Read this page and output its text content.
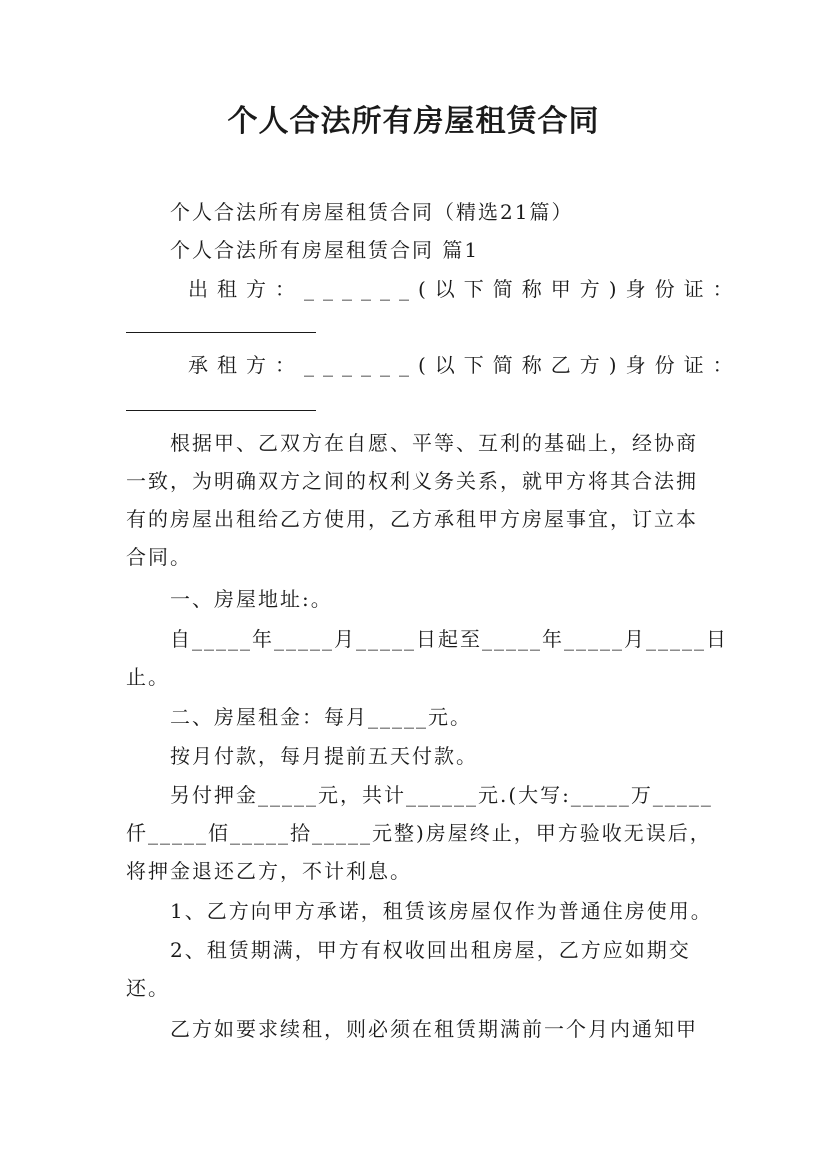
个人合法所有房屋租赁合同
个人合法所有房屋租赁合同（精选21篇）
个人合法所有房屋租赁合同 篇1
出租方：______(以下简称甲方)身份证：
承租方：______(以下简称乙方)身份证：
根据甲、乙双方在自愿、平等、互利的基础上，经协商
一致，为明确双方之间的权利义务关系，就甲方将其合法拥
有的房屋出租给乙方使用，乙方承租甲方房屋事宜，订立本
合同。
一、房屋地址:。
自_____年_____月_____日起至_____年_____月_____日
止。
二、房屋租金：每月_____元。
按月付款，每月提前五天付款。
另付押金_____元，共计______元.(大写:_____万_____
仟_____佰_____拾_____元整)房屋终止，甲方验收无误后，
将押金退还乙方，不计利息。
1、乙方向甲方承诺，租赁该房屋仅作为普通住房使用。
2、租赁期满，甲方有权收回出租房屋，乙方应如期交
还。
乙方如要求续租，则必须在租赁期满前一个月内通知甲
